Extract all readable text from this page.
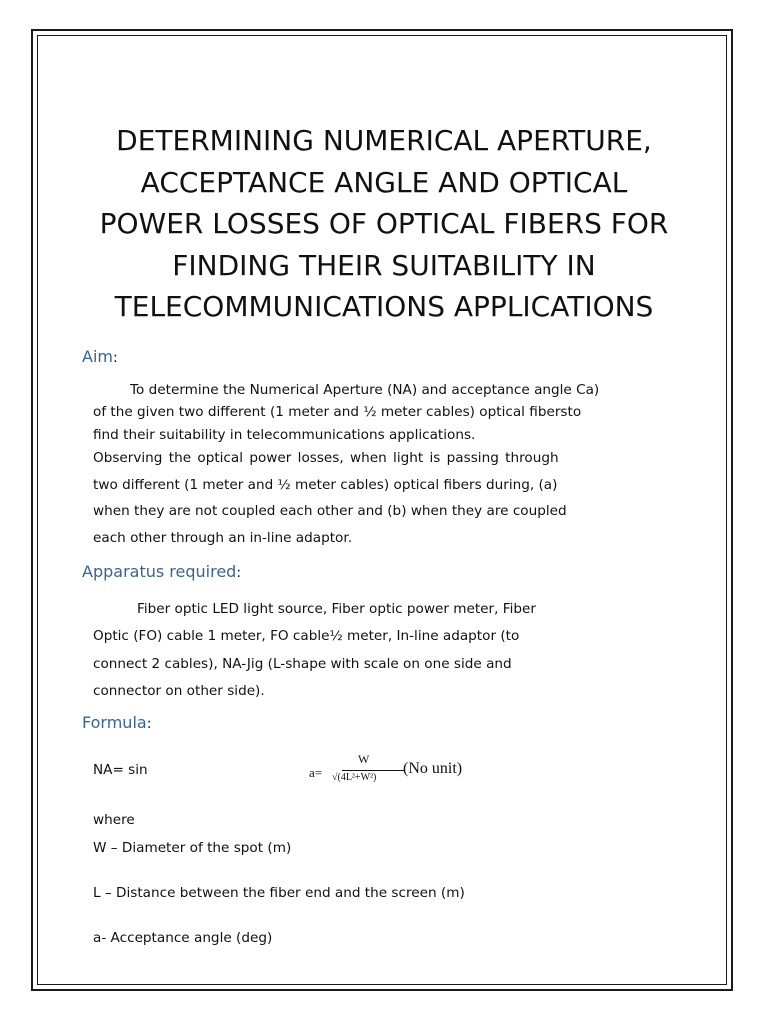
DETERMINING NUMERICAL APERTURE,
ACCEPTANCE ANGLE AND OPTICAL
POWER LOSSES OF OPTICAL FIBERS FOR
FINDING THEIR SUITABILITY IN
TELECOMMUNICATIONS APPLICATIONS
Aim:
To determine the Numerical Aperture (NA) and acceptance angle Ca)
of the given two different (1 meter and ½ meter cables) optical fibersto
find their suitability in telecommunications applications.
Observing the optical power losses, when light is passing through
two different (1 meter and ½ meter cables) optical fibers during, (a)
when they are not coupled each other and (b) when they are coupled
each other through an in-line adaptor.
Apparatus required:
Fiber optic LED light source, Fiber optic power meter, Fiber
Optic (FO) cable 1 meter, FO cable½ meter, In-line adaptor (to
connect 2 cables), NA-Jig (L-shape with scale on one side and
connector on other side).
Formula:
NA= sin	a=
W
√(4L²+W²)
(No unit)
where
W – Diameter of the spot (m)
L – Distance between the fiber end and the screen (m)
a- Acceptance angle (deg)
